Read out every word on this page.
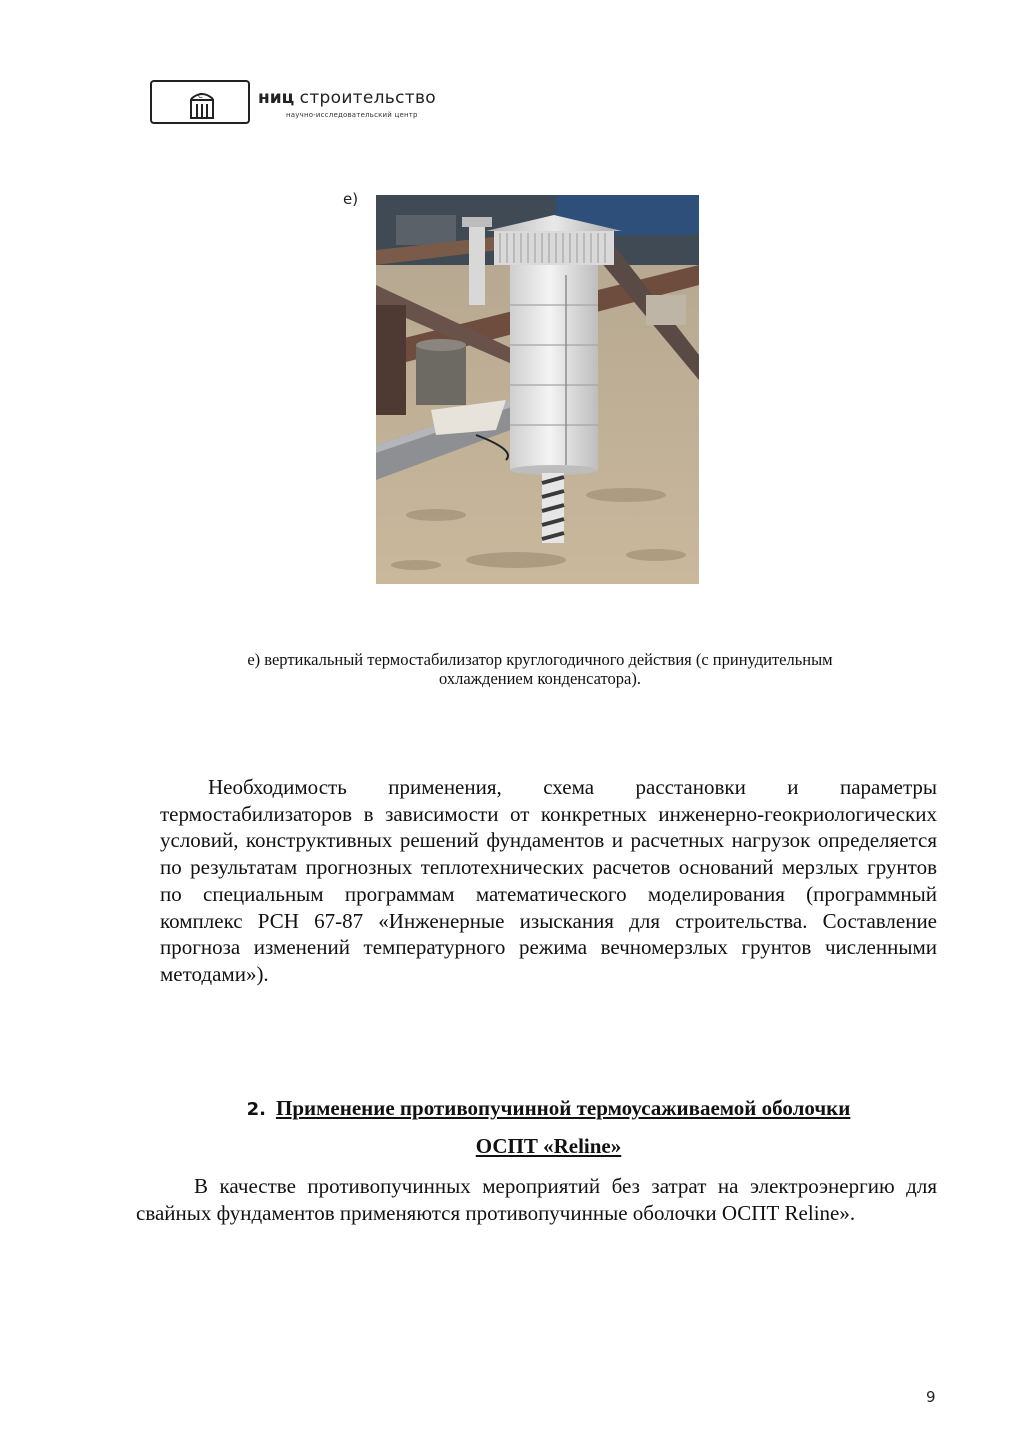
С	ниц строительство
научно-исследовательский центр
е)
е) вертикальный термостабилизатор круглогодичного действия (с принудительным
охлаждением конденсатора).
Необходимость применения, схема расстановки и параметры термостабилизаторов в зависимости от конкретных инженерно-геокриологических условий, конструктивных решений фундаментов и расчетных нагрузок определяется по результатам прогнозных теплотехнических расчетов оснований мерзлых грунтов по специальным программам математического моделирования (программный комплекс РСН 67-87 «Инженерные изыскания для строительства. Составление прогноза изменений температурного режима вечномерзлых грунтов численными методами»).
2. Применение противопучинной термоусаживаемой оболочки
ОСПТ «Reline»
В качестве противопучинных мероприятий без затрат на электроэнергию для свайных фундаментов применяются противопучинные оболочки ОСПТ Reline».
9
